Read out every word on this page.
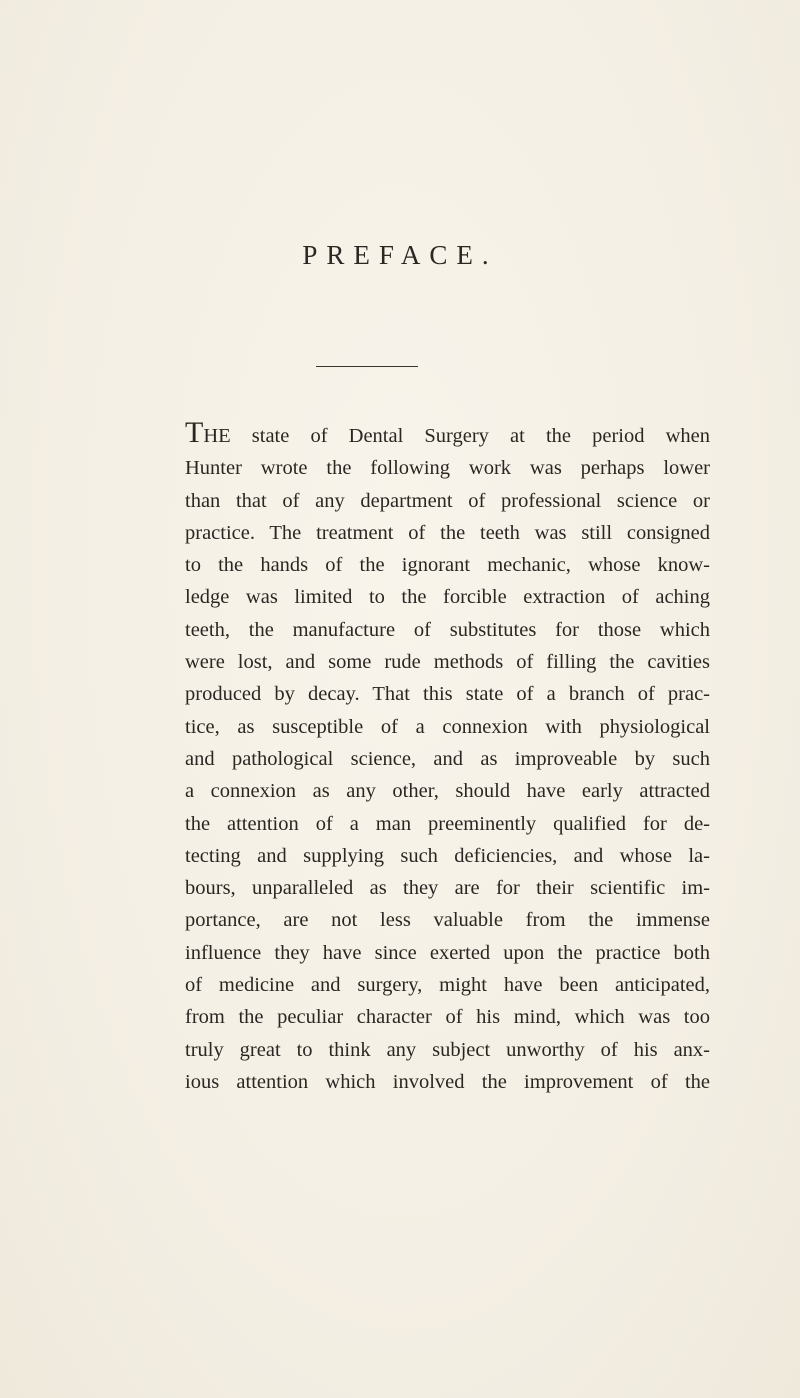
PREFACE.
THE state of Dental Surgery at the period when
Hunter wrote the following work was perhaps lower
than that of any department of professional science or
practice. The treatment of the teeth was still consigned
to the hands of the ignorant mechanic, whose know-
ledge was limited to the forcible extraction of aching
teeth, the manufacture of substitutes for those which
were lost, and some rude methods of filling the cavities
produced by decay. That this state of a branch of prac-
tice, as susceptible of a connexion with physiological
and pathological science, and as improveable by such
a connexion as any other, should have early attracted
the attention of a man preeminently qualified for de-
tecting and supplying such deficiencies, and whose la-
bours, unparalleled as they are for their scientific im-
portance, are not less valuable from the immense
influence they have since exerted upon the practice both
of medicine and surgery, might have been anticipated,
from the peculiar character of his mind, which was too
truly great to think any subject unworthy of his anx-
ious attention which involved the improvement of the
